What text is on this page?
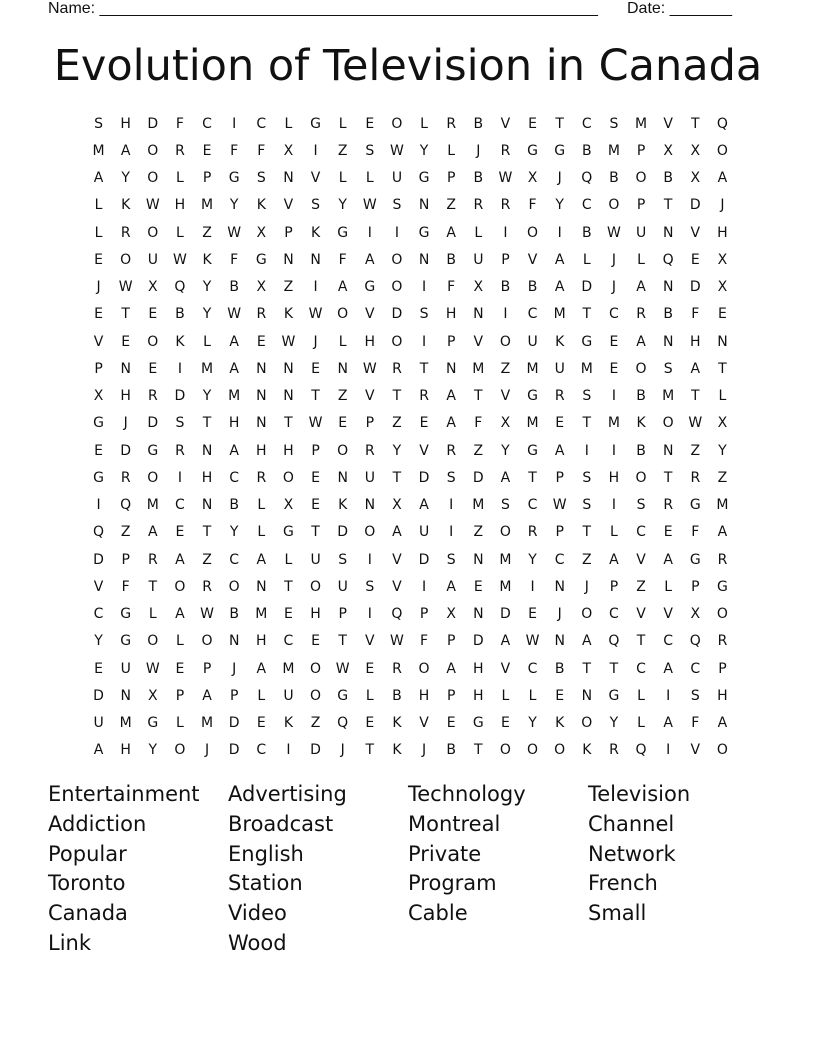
Name: ________________________________________________________

Date: _______

Evolution of Television in Canada
S	H	D	F	C	I	C	L	G	L	E	O	L	R	B	V	E	T	C	S	M	V	T	Q
M	A	O	R	E	F	F	X	I	Z	S	W	Y	L	J	R	G	G	B	M	P	X	X	O
A	Y	O	L	P	G	S	N	V	L	L	U	G	P	B	W	X	J	Q	B	O	B	X	A
L	K	W	H	M	Y	K	V	S	Y	W	S	N	Z	R	R	F	Y	C	O	P	T	D	J
L	R	O	L	Z	W	X	P	K	G	I	I	G	A	L	I	O	I	B	W	U	N	V	H
E	O	U	W	K	F	G	N	N	F	A	O	N	B	U	P	V	A	L	J	L	Q	E	X
J	W	X	Q	Y	B	X	Z	I	A	G	O	I	F	X	B	B	A	D	J	A	N	D	X
E	T	E	B	Y	W	R	K	W	O	V	D	S	H	N	I	C	M	T	C	R	B	F	E
V	E	O	K	L	A	E	W	J	L	H	O	I	P	V	O	U	K	G	E	A	N	H	N
P	N	E	I	M	A	N	N	E	N	W	R	T	N	M	Z	M	U	M	E	O	S	A	T
X	H	R	D	Y	M	N	N	T	Z	V	T	R	A	T	V	G	R	S	I	B	M	T	L
G	J	D	S	T	H	N	T	W	E	P	Z	E	A	F	X	M	E	T	M	K	O	W	X
E	D	G	R	N	A	H	H	P	O	R	Y	V	R	Z	Y	G	A	I	I	B	N	Z	Y
G	R	O	I	H	C	R	O	E	N	U	T	D	S	D	A	T	P	S	H	O	T	R	Z
I	Q	M	C	N	B	L	X	E	K	N	X	A	I	M	S	C	W	S	I	S	R	G	M
Q	Z	A	E	T	Y	L	G	T	D	O	A	U	I	Z	O	R	P	T	L	C	E	F	A
D	P	R	A	Z	C	A	L	U	S	I	V	D	S	N	M	Y	C	Z	A	V	A	G	R
V	F	T	O	R	O	N	T	O	U	S	V	I	A	E	M	I	N	J	P	Z	L	P	G
C	G	L	A	W	B	M	E	H	P	I	Q	P	X	N	D	E	J	O	C	V	V	X	O
Y	G	O	L	O	N	H	C	E	T	V	W	F	P	D	A	W	N	A	Q	T	C	Q	R
E	U	W	E	P	J	A	M	O	W	E	R	O	A	H	V	C	B	T	T	C	A	C	P
D	N	X	P	A	P	L	U	O	G	L	B	H	P	H	L	L	E	N	G	L	I	S	H
U	M	G	L	M	D	E	K	Z	Q	E	K	V	E	G	E	Y	K	O	Y	L	A	F	A
A	H	Y	O	J	D	C	I	D	J	T	K	J	B	T	O	O	O	K	R	Q	I	V	O
Entertainment	Advertising	Technology	Television
Addiction	Broadcast	Montreal	Channel
Popular	English	Private	Network
Toronto	Station	Program	French
Canada	Video	Cable	Small
Link	Wood
